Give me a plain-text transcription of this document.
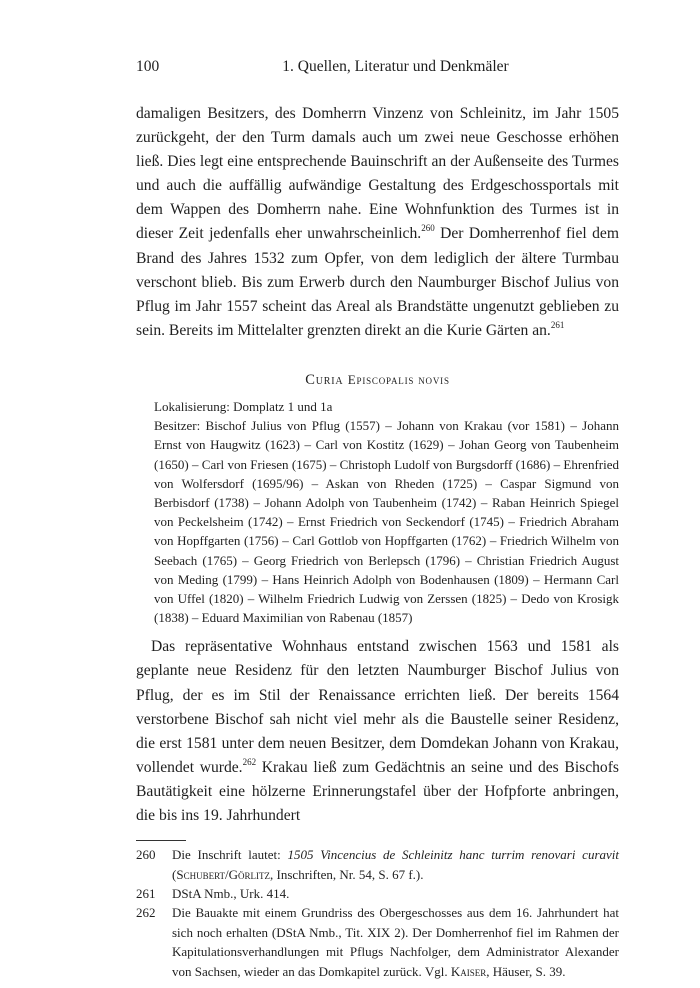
100	1. Quellen, Literatur und Denkmäler

damaligen Besitzers, des Domherrn Vinzenz von Schleinitz, im Jahr 1505 zurückgeht, der den Turm damals auch um zwei neue Geschosse erhöhen ließ. Dies legt eine entsprechende Bauinschrift an der Außenseite des Turmes und auch die auffällig aufwändige Gestaltung des Erdgeschossportals mit dem Wappen des Domherrn nahe. Eine Wohnfunktion des Turmes ist in dieser Zeit jedenfalls eher unwahrscheinlich.$^{260}$ Der Domherrenhof fiel dem Brand des Jahres 1532 zum Opfer, von dem lediglich der ältere Turmbau verschont blieb. Bis zum Erwerb durch den Naumburger Bischof Julius von Pflug im Jahr 1557 scheint das Areal als Brandstätte ungenutzt geblieben zu sein. Bereits im Mittelalter grenzten direkt an die Kurie Gärten an.$^{261}$

Curia Episcopalis novis

Lokalisierung: Domplatz 1 und 1a

Besitzer: Bischof Julius von Pflug (1557) – Johann von Krakau (vor 1581) – Johann Ernst von Haugwitz (1623) – Carl von Kostitz (1629) – Johan Georg von Taubenheim (1650) – Carl von Friesen (1675) – Christoph Ludolf von Burgsdorff (1686) – Ehrenfried von Wolfersdorf (1695/96) – Askan von Rheden (1725) – Caspar Sigmund von Berbisdorf (1738) – Johann Adolph von Taubenheim (1742) – Raban Heinrich Spiegel von Peckelsheim (1742) – Ernst Friedrich von Seckendorf (1745) – Friedrich Abraham von Hopffgarten (1756) – Carl Gottlob von Hopffgarten (1762) – Friedrich Wilhelm von Seebach (1765) – Georg Friedrich von Berlepsch (1796) – Christian Friedrich August von Meding (1799) – Hans Heinrich Adolph von Bodenhausen (1809) – Hermann Carl von Uffel (1820) – Wilhelm Friedrich Ludwig von Zerssen (1825) – Dedo von Krosigk (1838) – Eduard Maximilian von Rabenau (1857)

Das repräsentative Wohnhaus entstand zwischen 1563 und 1581 als geplante neue Residenz für den letzten Naumburger Bischof Julius von Pflug, der es im Stil der Renaissance errichten ließ. Der bereits 1564 verstorbene Bischof sah nicht viel mehr als die Baustelle seiner Residenz, die erst 1581 unter dem neuen Besitzer, dem Domdekan Johann von Krakau, vollendet wurde.$^{262}$ Krakau ließ zum Gedächtnis an seine und des Bischofs Bautätigkeit eine hölzerne Erinnerungstafel über der Hofpforte anbringen, die bis ins 19. Jahrhundert

260	Die Inschrift lautet: 1505 Vincencius de Schleinitz hanc turrim renovari curavit (Schubert/Görlitz, Inschriften, Nr. 54, S. 67 f.).
261	DStA Nmb., Urk. 414.
262	Die Bauakte mit einem Grundriss des Obergeschosses aus dem 16. Jahrhundert hat sich noch erhalten (DStA Nmb., Tit. XIX 2). Der Domherrenhof fiel im Rahmen der Kapitulationsverhandlungen mit Pflugs Nachfolger, dem Administrator Alexander von Sachsen, wieder an das Domkapitel zurück. Vgl. Kaiser, Häuser, S. 39.
